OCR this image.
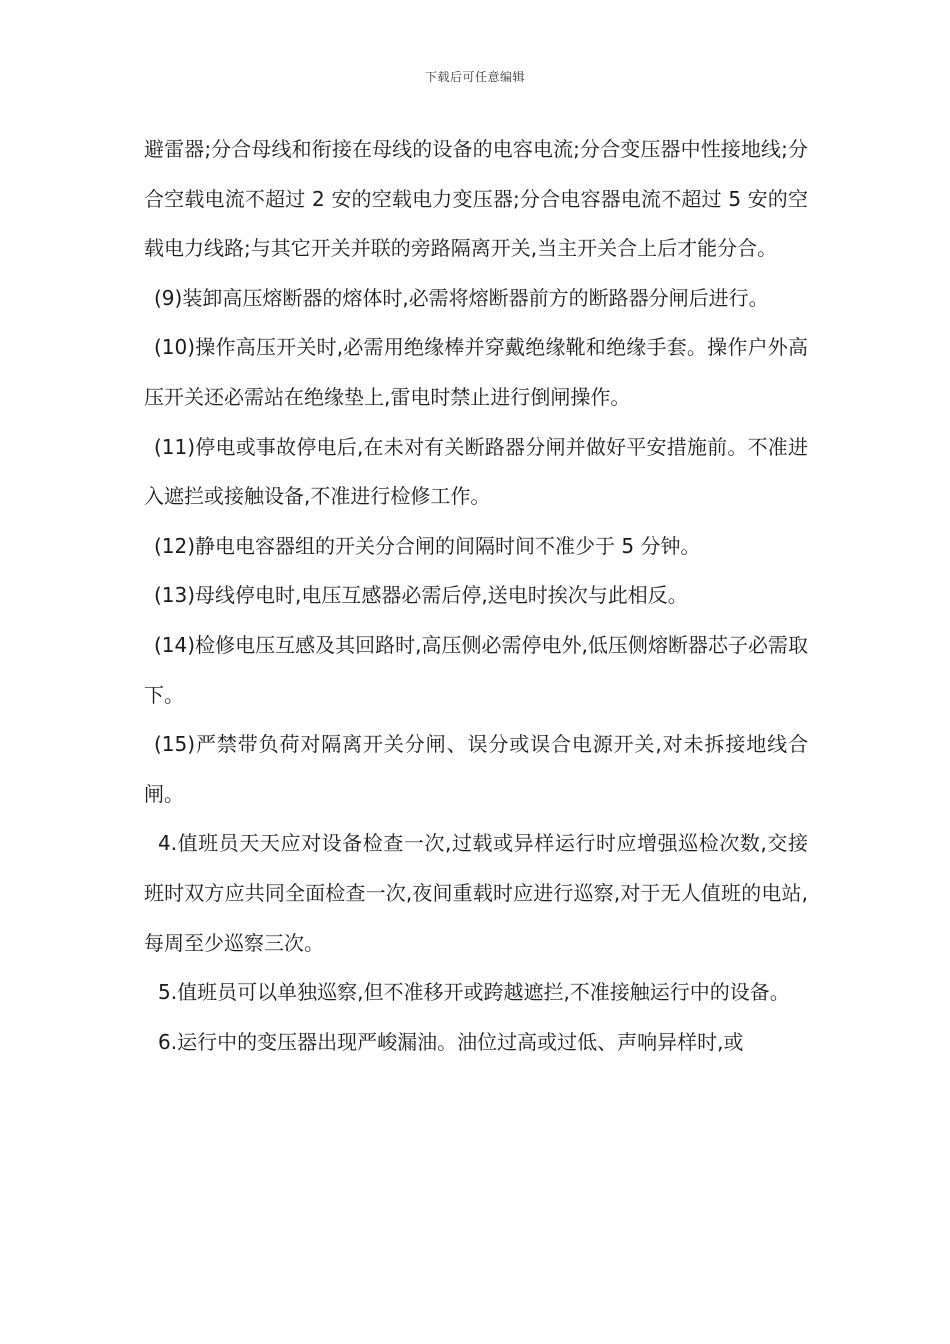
下载后可任意编辑

避雷器;分合母线和衔接在母线的设备的电容电流;分合变压器中性接地线;分合空载电流不超过 2 安的空载电力变压器;分合电容器电流不超过 5 安的空载电力线路;与其它开关并联的旁路隔离开关,当主开关合上后才能分合。

(9)装卸高压熔断器的熔体时,必需将熔断器前方的断路器分闸后进行。

(10)操作高压开关时,必需用绝缘棒并穿戴绝缘靴和绝缘手套。操作户外高压开关还必需站在绝缘垫上,雷电时禁止进行倒闸操作。

(11)停电或事故停电后,在未对有关断路器分闸并做好平安措施前。不准进入遮拦或接触设备,不准进行检修工作。

(12)静电电容器组的开关分合闸的间隔时间不准少于 5 分钟。

(13)母线停电时,电压互感器必需后停,送电时挨次与此相反。

(14)检修电压互感及其回路时,高压侧必需停电外,低压侧熔断器芯子必需取下。

(15)严禁带负荷对隔离开关分闸、误分或误合电源开关,对未拆接地线合闸。

4.值班员天天应对设备检查一次,过载或异样运行时应增强巡检次数,交接班时双方应共同全面检查一次,夜间重载时应进行巡察,对于无人值班的电站,每周至少巡察三次。

5.值班员可以单独巡察,但不准移开或跨越遮拦,不准接触运行中的设备。

6.运行中的变压器出现严峻漏油。油位过高或过低、声响异样时,或
